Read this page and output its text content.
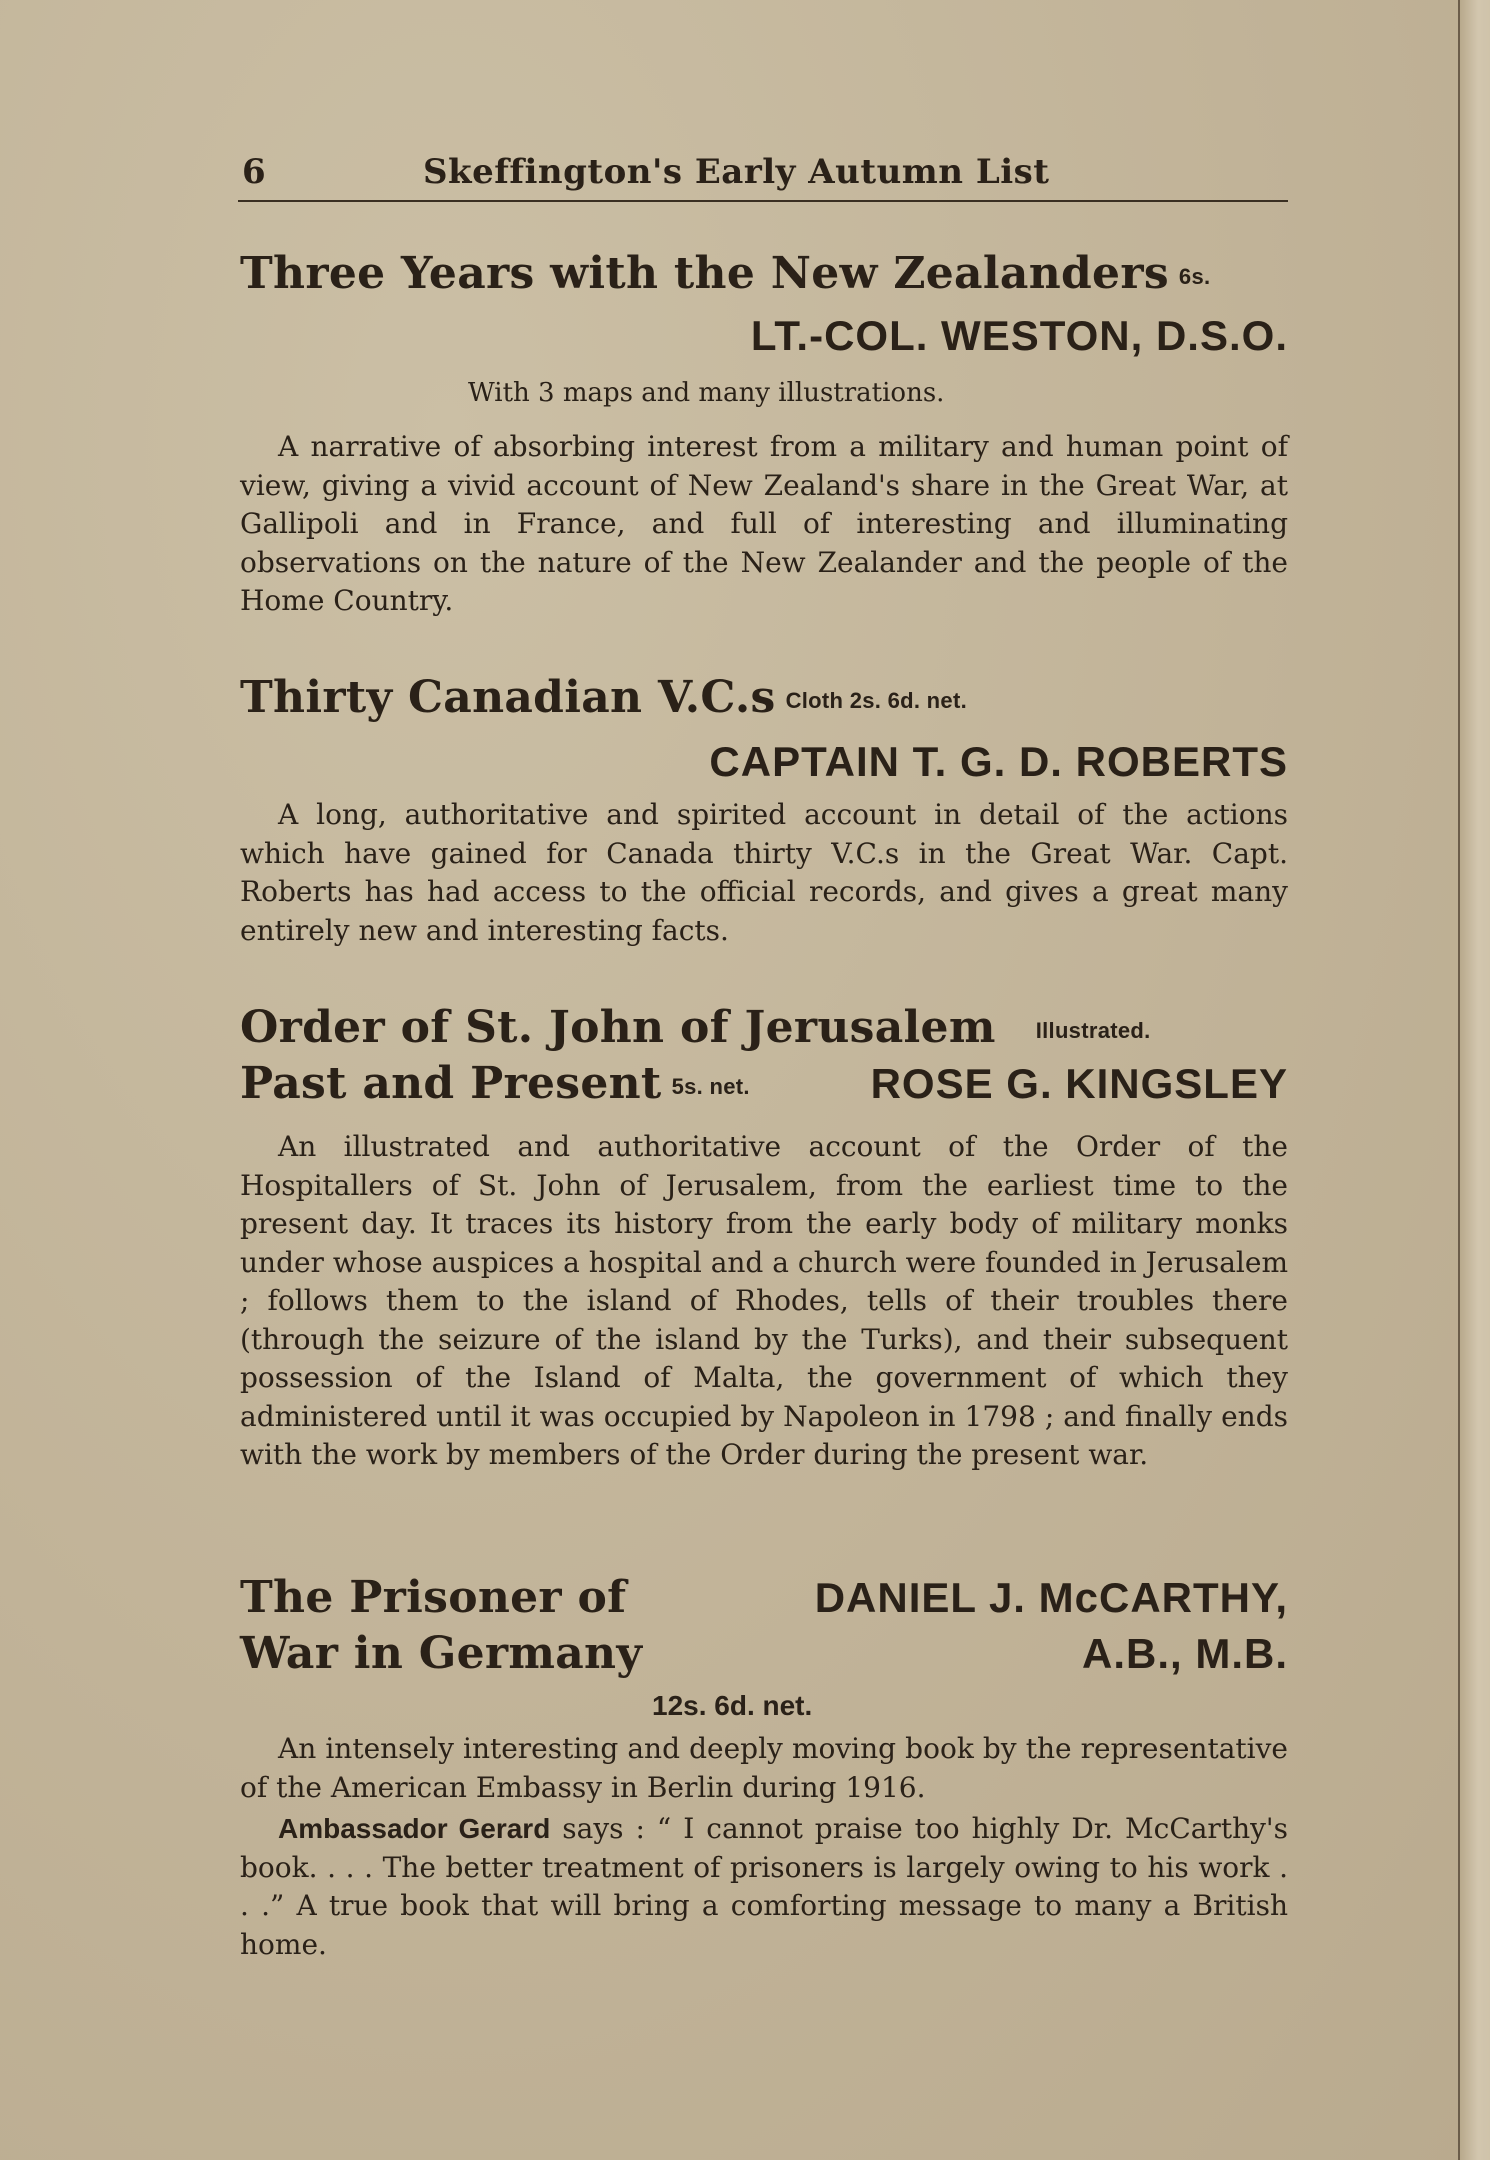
6	Skeffington's Early Autumn List
Three Years with the New Zealanders 6s.
LT.-COL. WESTON, D.S.O.
With 3 maps and many illustrations.
A narrative of absorbing interest from a military and human point of view, giving a vivid account of New Zealand's share in the Great War, at Gallipoli and in France, and full of interesting and illuminating observations on the nature of the New Zealander and the people of the Home Country.
Thirty Canadian V.C.s Cloth 2s. 6d. net.
CAPTAIN T. G. D. ROBERTS
A long, authoritative and spirited account in detail of the actions which have gained for Canada thirty V.C.s in the Great War. Capt. Roberts has had access to the official records, and gives a great many entirely new and interesting facts.
Order of St. John of Jerusalem Illustrated.
Past and Present 5s. net.	ROSE G. KINGSLEY
An illustrated and authoritative account of the Order of the Hospitallers of St. John of Jerusalem, from the earliest time to the present day. It traces its history from the early body of military monks under whose auspices a hospital and a church were founded in Jerusalem ; follows them to the island of Rhodes, tells of their troubles there (through the seizure of the island by the Turks), and their subsequent possession of the Island of Malta, the government of which they administered until it was occupied by Napoleon in 1798 ; and finally ends with the work by members of the Order during the present war.
The Prisoner of
War in Germany
DANIEL J. McCARTHY,
A.B., M.B.
12s. 6d. net.
An intensely interesting and deeply moving book by the representative of the American Embassy in Berlin during 1916.
Ambassador Gerard says : “ I cannot praise too highly Dr. McCarthy's book. . . . The better treatment of prisoners is largely owing to his work . . .” A true book that will bring a comforting message to many a British home.
